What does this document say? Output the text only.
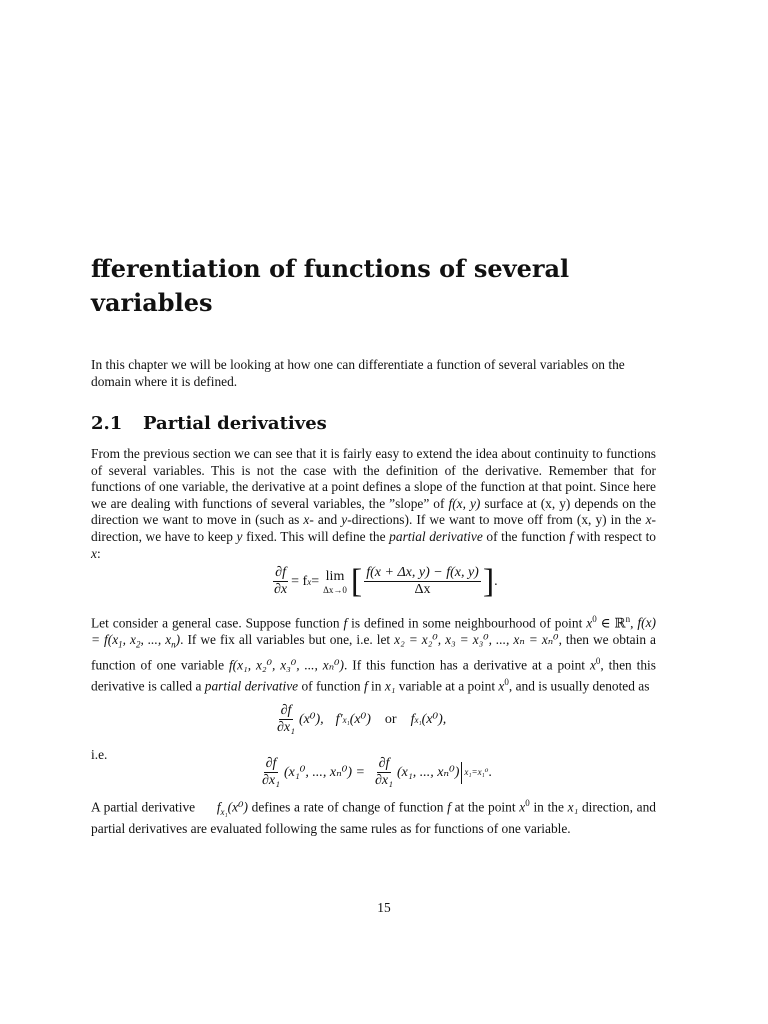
ﬀerentiation of functions of several variables

In this chapter we will be looking at how one can differentiate a function of several variables on the domain where it is defined.

2.1 Partial derivatives

From the previous section we can see that it is fairly easy to extend the idea about continuity to functions of several variables. This is not the case with the definition of the derivative. Remember that for functions of one variable, the derivative at a point defines a slope of the function at that point. Since here we are dealing with functions of several variables, the ”slope” of f(x, y) surface at (x, y) depends on the direction we want to move in (such as x- and y-directions). If we want to move off from (x, y) in the x-direction, we have to keep y fixed. This will define the partial derivative of the function f with respect to x:

$\frac{\partial f}{\partial x} = f$ x = lim
Δx→0 [ $\frac{f(x + \Delta x, y) - f(x, y)}{\Delta x}$ ] .

Let consider a general case. Suppose function f is defined in some neighbourhood of point $x^0$ ∈ ℝ$^n$, $f(x) = f(x_1$, $x_2$, ..., $x_n$). If we fix all variables but one, i.e. let x₂ = x₂⁰, x₃ = x₃⁰, ..., xₙ = xₙ⁰, then we obtain a function of one variable f(x₁, x₂⁰, x₃⁰, ..., xₙ⁰). If this function has a derivative at a point $x^0$, then this derivative is called a partial derivative of function f in x₁ variable at a point $x^0$, and is usually denoted as

$\frac{\partial f}{\text{∂x₁}} (x^0)$, f′ x₁ (x⁰) or f x₁ (x⁰),
i.e.
$\frac{\partial f}{\text{∂x₁}} (x_1^0$, ..., $x_n^0) = \frac{\partial f}{\text{∂x₁}} (x_1$, ..., xₙ⁰) x₁=x₁⁰ .

A partial derivative $f_{x_1}(x^0)$ defines a rate of change of function f at the point $x^0$ in the x₁ direction, and partial derivatives are evaluated following the same rules as for functions of one variable.

15
